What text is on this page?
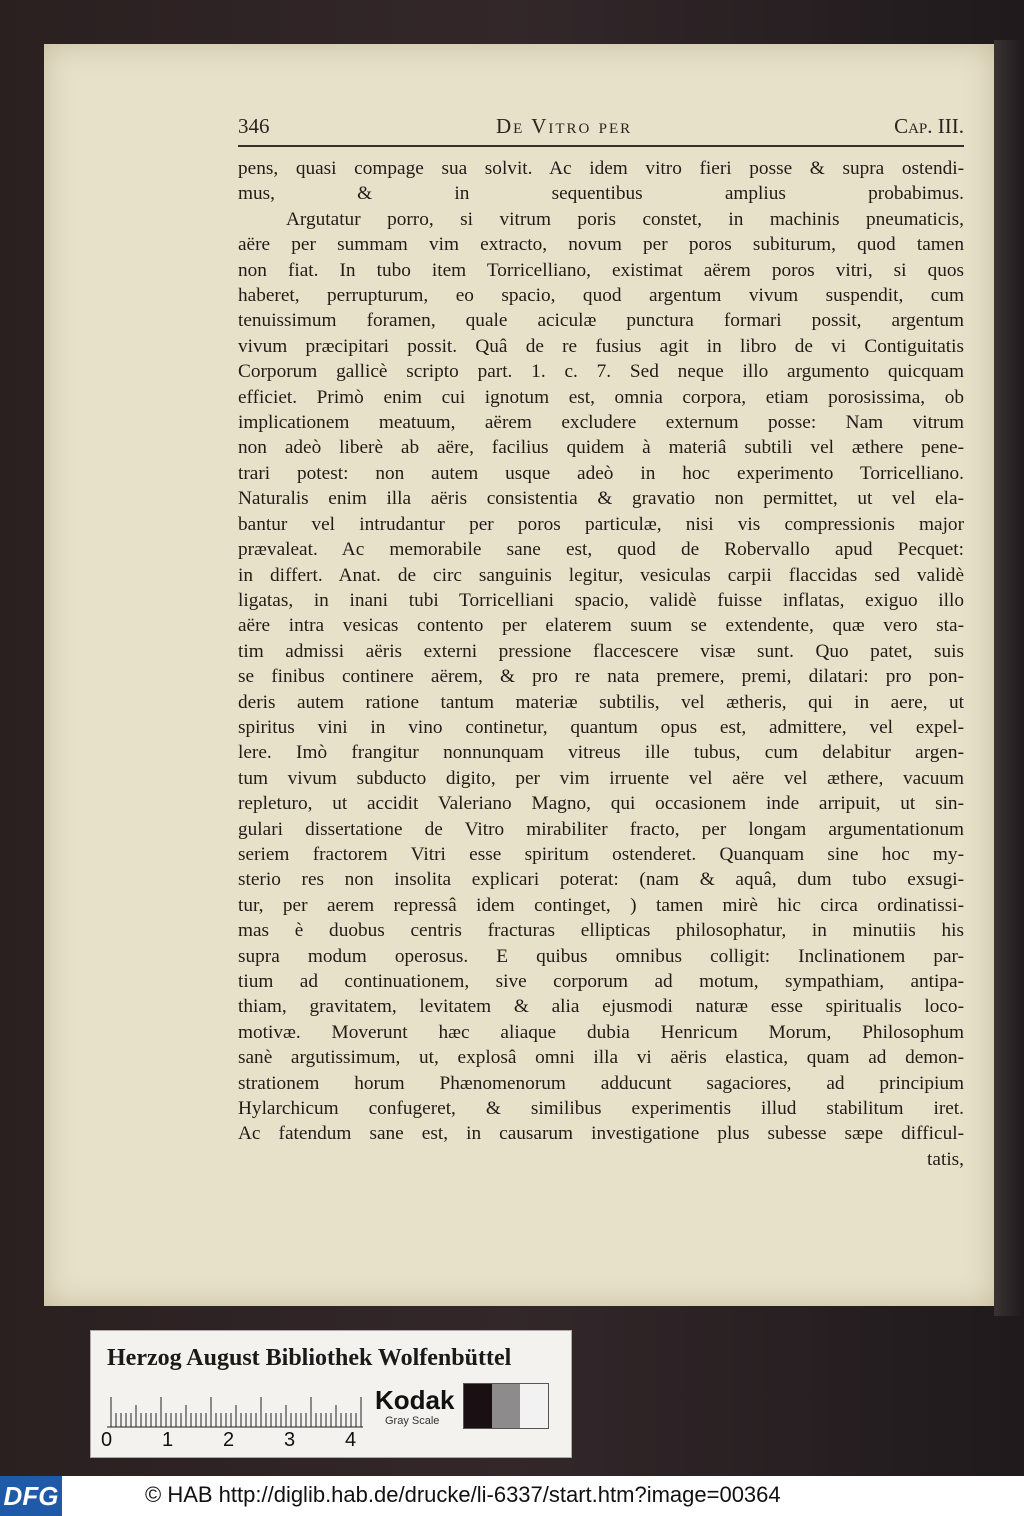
346	De Vitro per	Cap. III.
pens, quasi compage sua solvit. Ac idem vitro fieri posse & supra ostendi-
mus, & in sequentibus amplius probabimus.
Argutatur porro, si vitrum poris constet, in machinis pneumaticis,
aëre per summam vim extracto, novum per poros subiturum, quod tamen
non fiat. In tubo item Torricelliano, existimat aërem poros vitri, si quos
haberet, perrupturum, eo spacio, quod argentum vivum suspendit, cum
tenuissimum foramen, quale aciculæ punctura formari possit, argentum
vivum præcipitari possit. Quâ de re fusius agit in libro de vi Contiguitatis
Corporum gallicè scripto part. 1. c. 7. Sed neque illo argumento quicquam
efficiet. Primò enim cui ignotum est, omnia corpora, etiam porosissima, ob
implicationem meatuum, aërem excludere externum posse: Nam vitrum
non adeò liberè ab aëre, facilius quidem à materiâ subtili vel æthere pene-
trari potest: non autem usque adeò in hoc experimento Torricelliano.
Naturalis enim illa aëris consistentia & gravatio non permittet, ut vel ela-
bantur vel intrudantur per poros particulæ, nisi vis compressionis major
prævaleat. Ac memorabile sane est, quod de Robervallo apud Pecquet:
in differt. Anat. de circ sanguinis legitur, vesiculas carpii flaccidas sed validè
ligatas, in inani tubi Torricelliani spacio, validè fuisse inflatas, exiguo illo
aëre intra vesicas contento per elaterem suum se extendente, quæ vero sta-
tim admissi aëris externi pressione flaccescere visæ sunt. Quo patet, suis
se finibus continere aërem, & pro re nata premere, premi, dilatari: pro pon-
deris autem ratione tantum materiæ subtilis, vel ætheris, qui in aere, ut
spiritus vini in vino continetur, quantum opus est, admittere, vel expel-
lere. Imò frangitur nonnunquam vitreus ille tubus, cum delabitur argen-
tum vivum subducto digito, per vim irruente vel aëre vel æthere, vacuum
repleturo, ut accidit Valeriano Magno, qui occasionem inde arripuit, ut sin-
gulari dissertatione de Vitro mirabiliter fracto, per longam argumentationum
seriem fractorem Vitri esse spiritum ostenderet. Quanquam sine hoc my-
sterio res non insolita explicari poterat: (nam & aquâ, dum tubo exsugi-
tur, per aerem repressâ idem continget, ) tamen mirè hic circa ordinatissi-
mas è duobus centris fracturas ellipticas philosophatur, in minutiis his
supra modum operosus. E quibus omnibus colligit: Inclinationem par-
tium ad continuationem, sive corporum ad motum, sympathiam, antipa-
thiam, gravitatem, levitatem & alia ejusmodi naturæ esse spiritualis loco-
motivæ. Moverunt hæc aliaque dubia Henricum Morum, Philosophum
sanè argutissimum, ut, explosâ omni illa vi aëris elastica, quam ad demon-
strationem horum Phænomenorum adducunt sagaciores, ad principium
Hylarchicum confugeret, & similibus experimentis illud stabilitum iret.
Ac fatendum sane est, in causarum investigatione plus subesse sæpe difficul-
tatis,
Herzog August Bibliothek Wolfenbüttel
0 1 2 3 4
Kodak
Gray Scale
DFG	© HAB http://diglib.hab.de/drucke/li-6337/start.htm?image=00364
